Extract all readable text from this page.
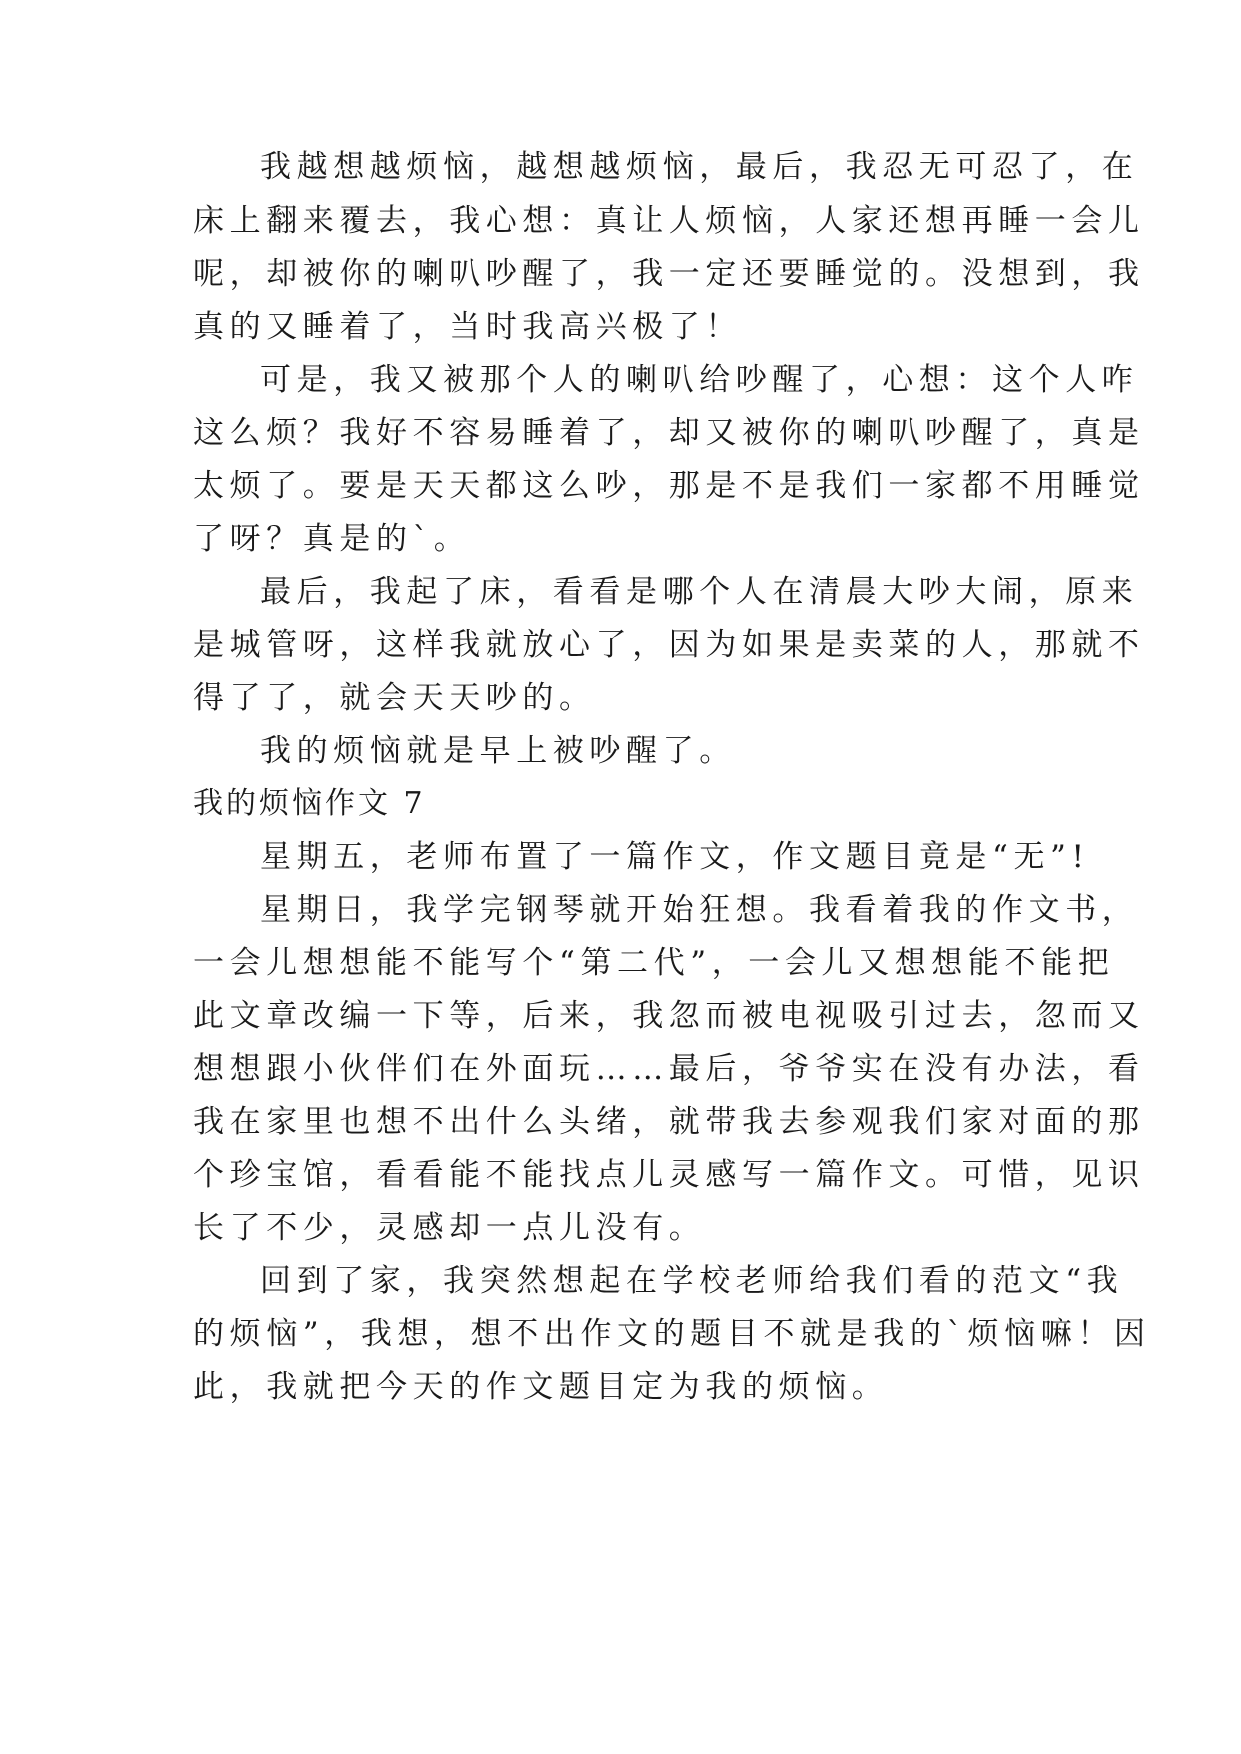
我越想越烦恼，越想越烦恼，最后，我忍无可忍了，在

床上翻来覆去，我心想：真让人烦恼，人家还想再睡一会儿

呢，却被你的喇叭吵醒了，我一定还要睡觉的。没想到，我

真的又睡着了，当时我高兴极了！

可是，我又被那个人的喇叭给吵醒了，心想：这个人咋

这么烦？我好不容易睡着了，却又被你的喇叭吵醒了，真是

太烦了。要是天天都这么吵，那是不是我们一家都不用睡觉

了呀？真是的`。

最后，我起了床，看看是哪个人在清晨大吵大闹，原来

是城管呀，这样我就放心了，因为如果是卖菜的人，那就不

得了了，就会天天吵的。

我的烦恼就是早上被吵醒了。

我的烦恼作文 7

星期五，老师布置了一篇作文，作文题目竟是“无”!

星期日，我学完钢琴就开始狂想。我看着我的作文书，

一会儿想想能不能写个“第二代”，一会儿又想想能不能把

此文章改编一下等，后来，我忽而被电视吸引过去，忽而又

想想跟小伙伴们在外面玩……最后，爷爷实在没有办法，看

我在家里也想不出什么头绪，就带我去参观我们家对面的那

个珍宝馆，看看能不能找点儿灵感写一篇作文。可惜，见识

长了不少，灵感却一点儿没有。

回到了家，我突然想起在学校老师给我们看的范文“我

的烦恼”，我想，想不出作文的题目不就是我的`烦恼嘛！因

此，我就把今天的作文题目定为我的烦恼。
